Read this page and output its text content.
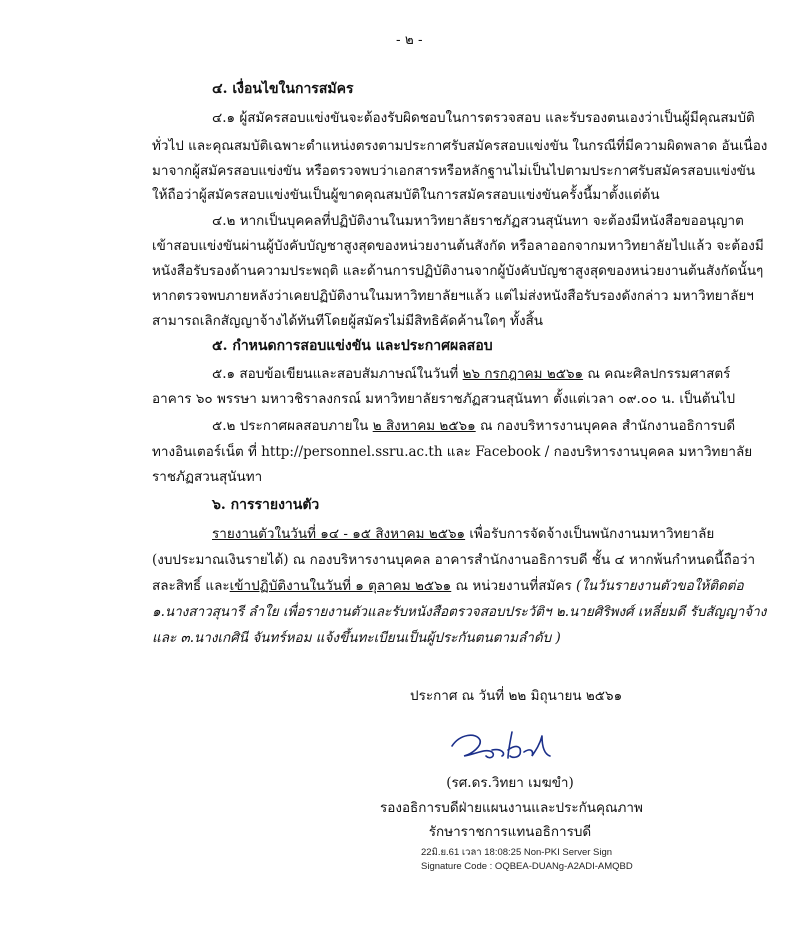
- ๒ -
๔. เงื่อนไขในการสมัคร
๔.๑ ผู้สมัครสอบแข่งขันจะต้องรับผิดชอบในการตรวจสอบ และรับรองตนเองว่าเป็นผู้มีคุณสมบัติ
ทั่วไป และคุณสมบัติเฉพาะตำแหน่งตรงตามประกาศรับสมัครสอบแข่งขัน ในกรณีที่มีความผิดพลาด อันเนื่อง
มาจากผู้สมัครสอบแข่งขัน หรือตรวจพบว่าเอกสารหรือหลักฐานไม่เป็นไปตามประกาศรับสมัครสอบแข่งขัน
ให้ถือว่าผู้สมัครสอบแข่งขันเป็นผู้ขาดคุณสมบัติในการสมัครสอบแข่งขันครั้งนี้มาตั้งแต่ต้น
๔.๒ หากเป็นบุคคลที่ปฏิบัติงานในมหาวิทยาลัยราชภัฏสวนสุนันทา จะต้องมีหนังสือขออนุญาต
เข้าสอบแข่งขันผ่านผู้บังคับบัญชาสูงสุดของหน่วยงานต้นสังกัด หรือลาออกจากมหาวิทยาลัยไปแล้ว จะต้องมี
หนังสือรับรองด้านความประพฤติ และด้านการปฏิบัติงานจากผู้บังคับบัญชาสูงสุดของหน่วยงานต้นสังกัดนั้นๆ
หากตรวจพบภายหลังว่าเคยปฏิบัติงานในมหาวิทยาลัยฯแล้ว แต่ไม่ส่งหนังสือรับรองดังกล่าว มหาวิทยาลัยฯ
สามารถเลิกสัญญาจ้างได้ทันทีโดยผู้สมัครไม่มีสิทธิคัดค้านใดๆ ทั้งสิ้น
๕. กำหนดการสอบแข่งขัน และประกาศผลสอบ
๕.๑ สอบข้อเขียนและสอบสัมภาษณ์ในวันที่ ๒๖ กรกฎาคม ๒๕๖๑ ณ คณะศิลปกรรมศาสตร์
อาคาร ๖๐ พรรษา มหาวชิราลงกรณ์ มหาวิทยาลัยราชภัฏสวนสุนันทา ตั้งแต่เวลา ๐๙.๐๐ น. เป็นต้นไป
๕.๒ ประกาศผลสอบภายใน ๒ สิงหาคม ๒๕๖๑ ณ กองบริหารงานบุคคล สำนักงานอธิการบดี
ทางอินเตอร์เน็ต ที่ http://personnel.ssru.ac.th และ Facebook / กองบริหารงานบุคคล มหาวิทยาลัย
ราชภัฏสวนสุนันทา
๖. การรายงานตัว
รายงานตัวในวันที่ ๑๔ - ๑๕ สิงหาคม ๒๕๖๑ เพื่อรับการจัดจ้างเป็นพนักงานมหาวิทยาลัย
(งบประมาณเงินรายได้) ณ กองบริหารงานบุคคล อาคารสำนักงานอธิการบดี ชั้น ๔ หากพ้นกำหนดนี้ถือว่า
สละสิทธิ์ และเข้าปฏิบัติงานในวันที่ ๑ ตุลาคม ๒๕๖๑ ณ หน่วยงานที่สมัคร (ในวันรายงานตัวขอให้ติดต่อ
๑.นางสาวสุนารี ลำใย เพื่อรายงานตัวและรับหนังสือตรวจสอบประวัติฯ ๒.นายศิริพงศ์ เหลี่ยมดี รับสัญญาจ้าง
และ ๓.นางเกศินี จันทร์หอม แจ้งขึ้นทะเบียนเป็นผู้ประกันตนตามลำดับ )
ประกาศ ณ วันที่ ๒๒ มิถุนายน ๒๕๖๑
(รศ.ดร.วิทยา เมฆขำ)
รองอธิการบดีฝ่ายแผนงานและประกันคุณภาพ
รักษาราชการแทนอธิการบดี
22มิ.ย.61 เวลา 18:08:25 Non-PKI Server Sign
Signature Code : OQBEA-DUANg-A2ADI-AMQBD
